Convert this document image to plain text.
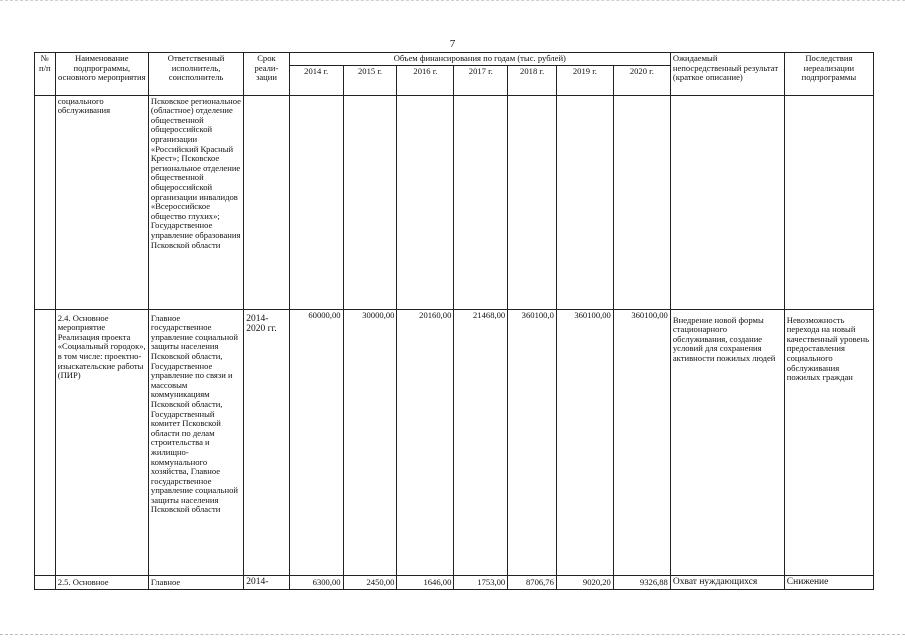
7
№ п/п	Наименование подпрограммы, основного мероприятия	Ответственный исполнитель, соисполнитель	Срок реали-зации	Объем финансирования по годам (тыс. рублей)							Ожидаемый непосредственный результат (краткое описание)	Последствия нереализации подпрограммы
				2014 г.	2015 г.	2016 г.	2017 г.	2018 г.	2019 г.	2020 г.		
	социального обслуживания	Псковское региональное (областное) отделение общественной общероссийской организации «Российский Красный Крест»; Псковское региональное отделение общественной общероссийской организации инвалидов «Всероссийское общество глухих»; Государственное управление образования Псковской области										
	2.4. Основное мероприятие Реализация проекта «Социальный городок», в том числе: проектно-изыскательские работы (ПИР)	Главное государственное управление социальной защиты населения Псковской области, Государственное управление по связи и массовым коммуникациям Псковской области, Государственный комитет Псковской области по делам строительства и жилищно-коммунального хозяйства, Главное государственное управление социальной защиты населения Псковской области	2014-2020 гг.	60000,00	30000,00	20160,00	21468,00	360100,0	360100,00	360100,00	Внедрение новой формы стационарного обслуживания, создание условий для сохранения активности пожилых людей	Невозможность перехода на новый качественный уровень предоставления социального обслуживания пожилых граждан
	2.5. Основное	Главное	2014-	6300,00	2450,00	1646,00	1753,00	8706,76	9020,20	9326,88	Охват нуждающихся	Снижение
